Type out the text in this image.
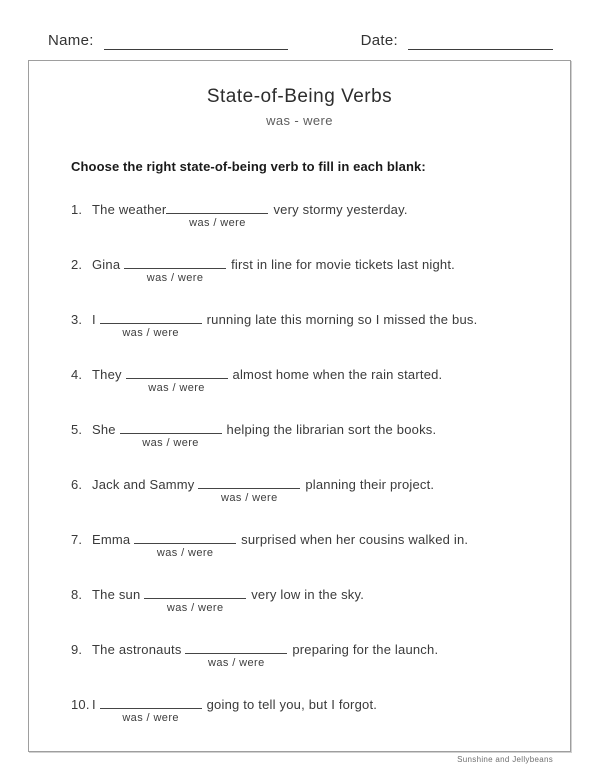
Name:	Date:
State-of-Being Verbs
was - were
Choose the right state-of-being verb to fill in each blank:
1. The weather
was / were
very stormy yesterday.
2. Gina
was / were
first in line for movie tickets last night.
3. I
was / were
running late this morning so I missed the bus.
4. They
was / were
almost home when the rain started.
5. She
was / were
helping the librarian sort the books.
6. Jack and Sammy
was / were
planning their project.
7. Emma
was / were
surprised when her cousins walked in.
8. The sun
was / were
very low in the sky.
9. The astronauts
was / were
preparing for the launch.
10. I
was / were
going to tell you, but I forgot.
Sunshine and Jellybeans
